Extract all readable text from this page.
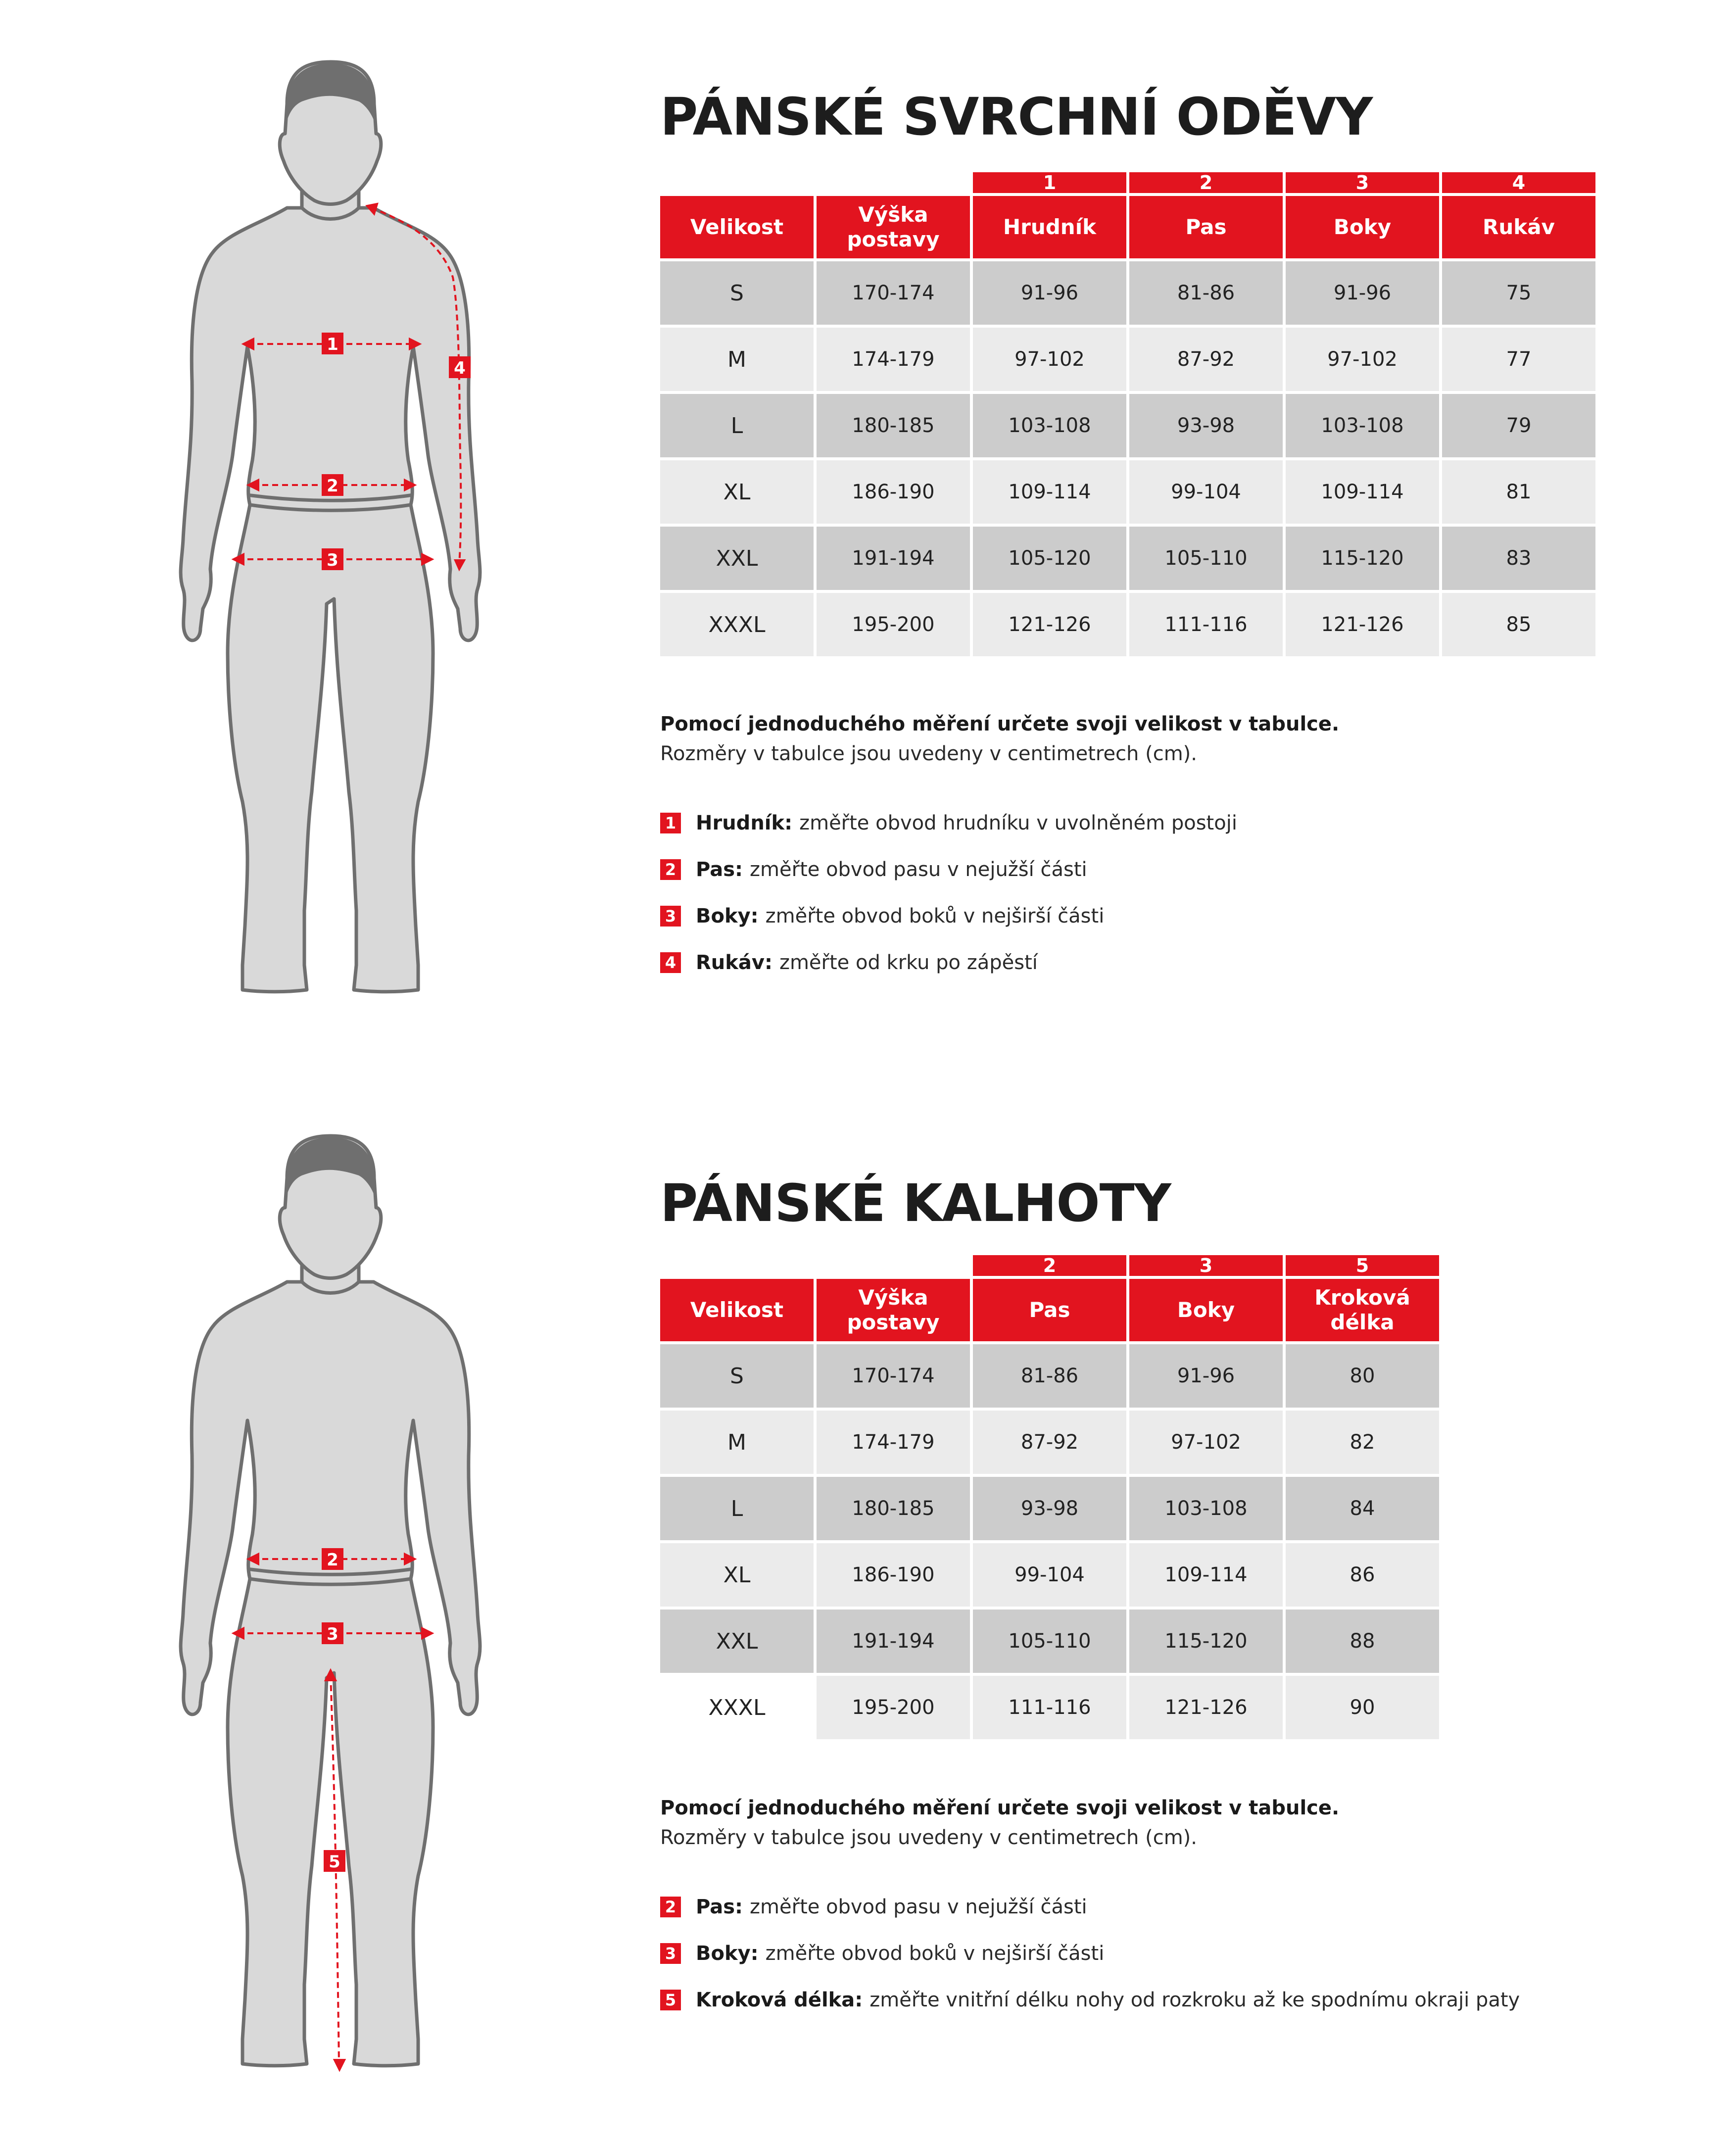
1
2
3
4
PÁNSKÉ SVRCHNÍ ODĚVY
		1	2	3	4
Velikost	Výška postavy	Hrudník	Pas	Boky	Rukáv
S	170-174	91-96	81-86	91-96	75
M	174-179	97-102	87-92	97-102	77
L	180-185	103-108	93-98	103-108	79
XL	186-190	109-114	99-104	109-114	81
XXL	191-194	105-120	105-110	115-120	83
XXXL	195-200	121-126	111-116	121-126	85

Pomocí jednoduchého měření určete svoji velikost v tabulce.

Rozměry v tabulce jsou uvedeny v centimetrech (cm).

1 Hrudník: změřte obvod hrudníku v uvolněném postoji
2 Pas: změřte obvod pasu v nejužší části
3 Boky: změřte obvod boků v nejširší části
4 Rukáv: změřte od krku po zápěstí
2
3
5
PÁNSKÉ KALHOTY
		2	3	5
Velikost	Výška postavy	Pas	Boky	Kroková délka
S	170-174	81-86	91-96	80
M	174-179	87-92	97-102	82
L	180-185	93-98	103-108	84
XL	186-190	99-104	109-114	86
XXL	191-194	105-110	115-120	88
XXXL	195-200	111-116	121-126	90

Pomocí jednoduchého měření určete svoji velikost v tabulce.

Rozměry v tabulce jsou uvedeny v centimetrech (cm).

2 Pas: změřte obvod pasu v nejužší části
3 Boky: změřte obvod boků v nejširší části
5 Kroková délka: změřte vnitřní délku nohy od rozkroku až ke spodnímu okraji paty
